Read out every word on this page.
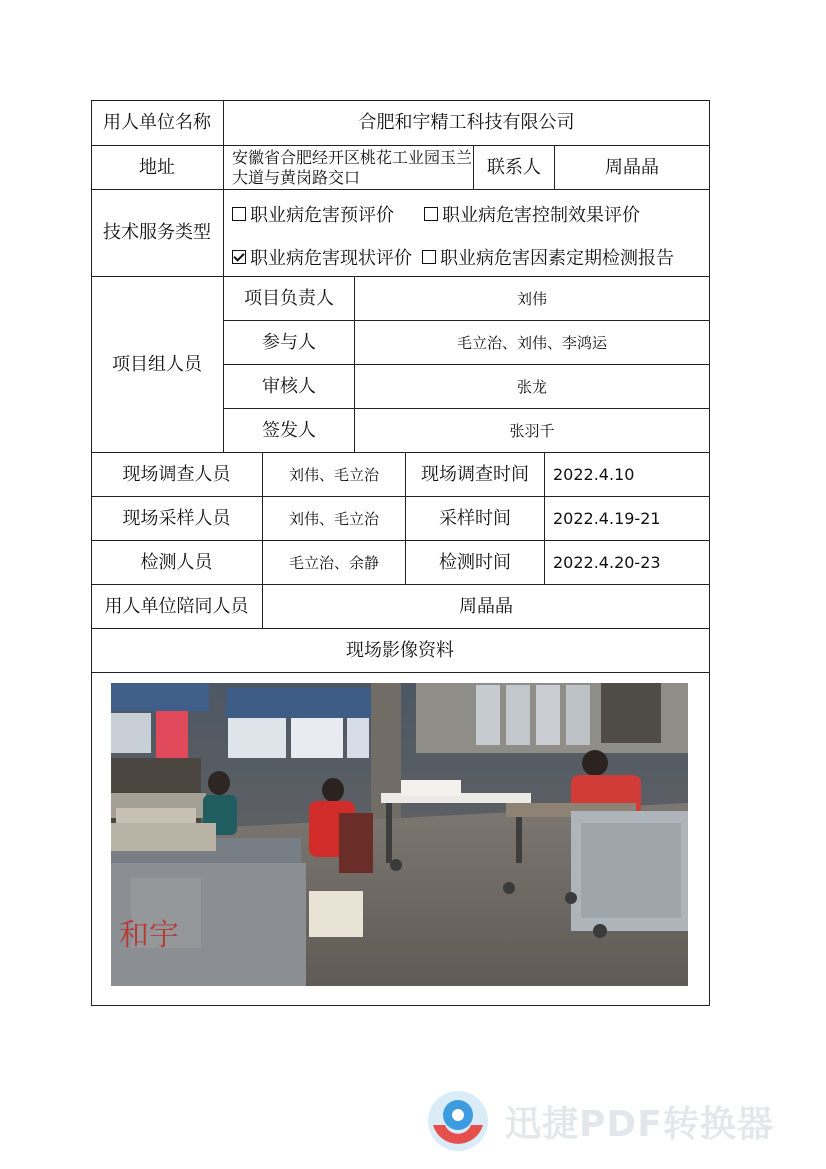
用人单位名称	合肥和宇精工科技有限公司
地址	安徽省合肥经开区桃花工业园玉兰大道与黄岗路交口	联系人	周晶晶
技术服务类型
职业病危害预评价	职业病危害控制效果评价
职业病危害现状评价 职业病危害因素定期检测报告
项目组人员
项目负责人	刘伟
参与人	毛立治、刘伟、李鸿运
审核人	张龙
签发人	张羽千
现场调查人员	刘伟、毛立治	现场调查时间	2022.4.10
现场采样人员	刘伟、毛立治	采样时间	2022.4.19-21
检测人员	毛立治、余静	检测时间	2022.4.20-23
用人单位陪同人员	周晶晶
现场影像资料
和宇
迅捷PDF转换器
